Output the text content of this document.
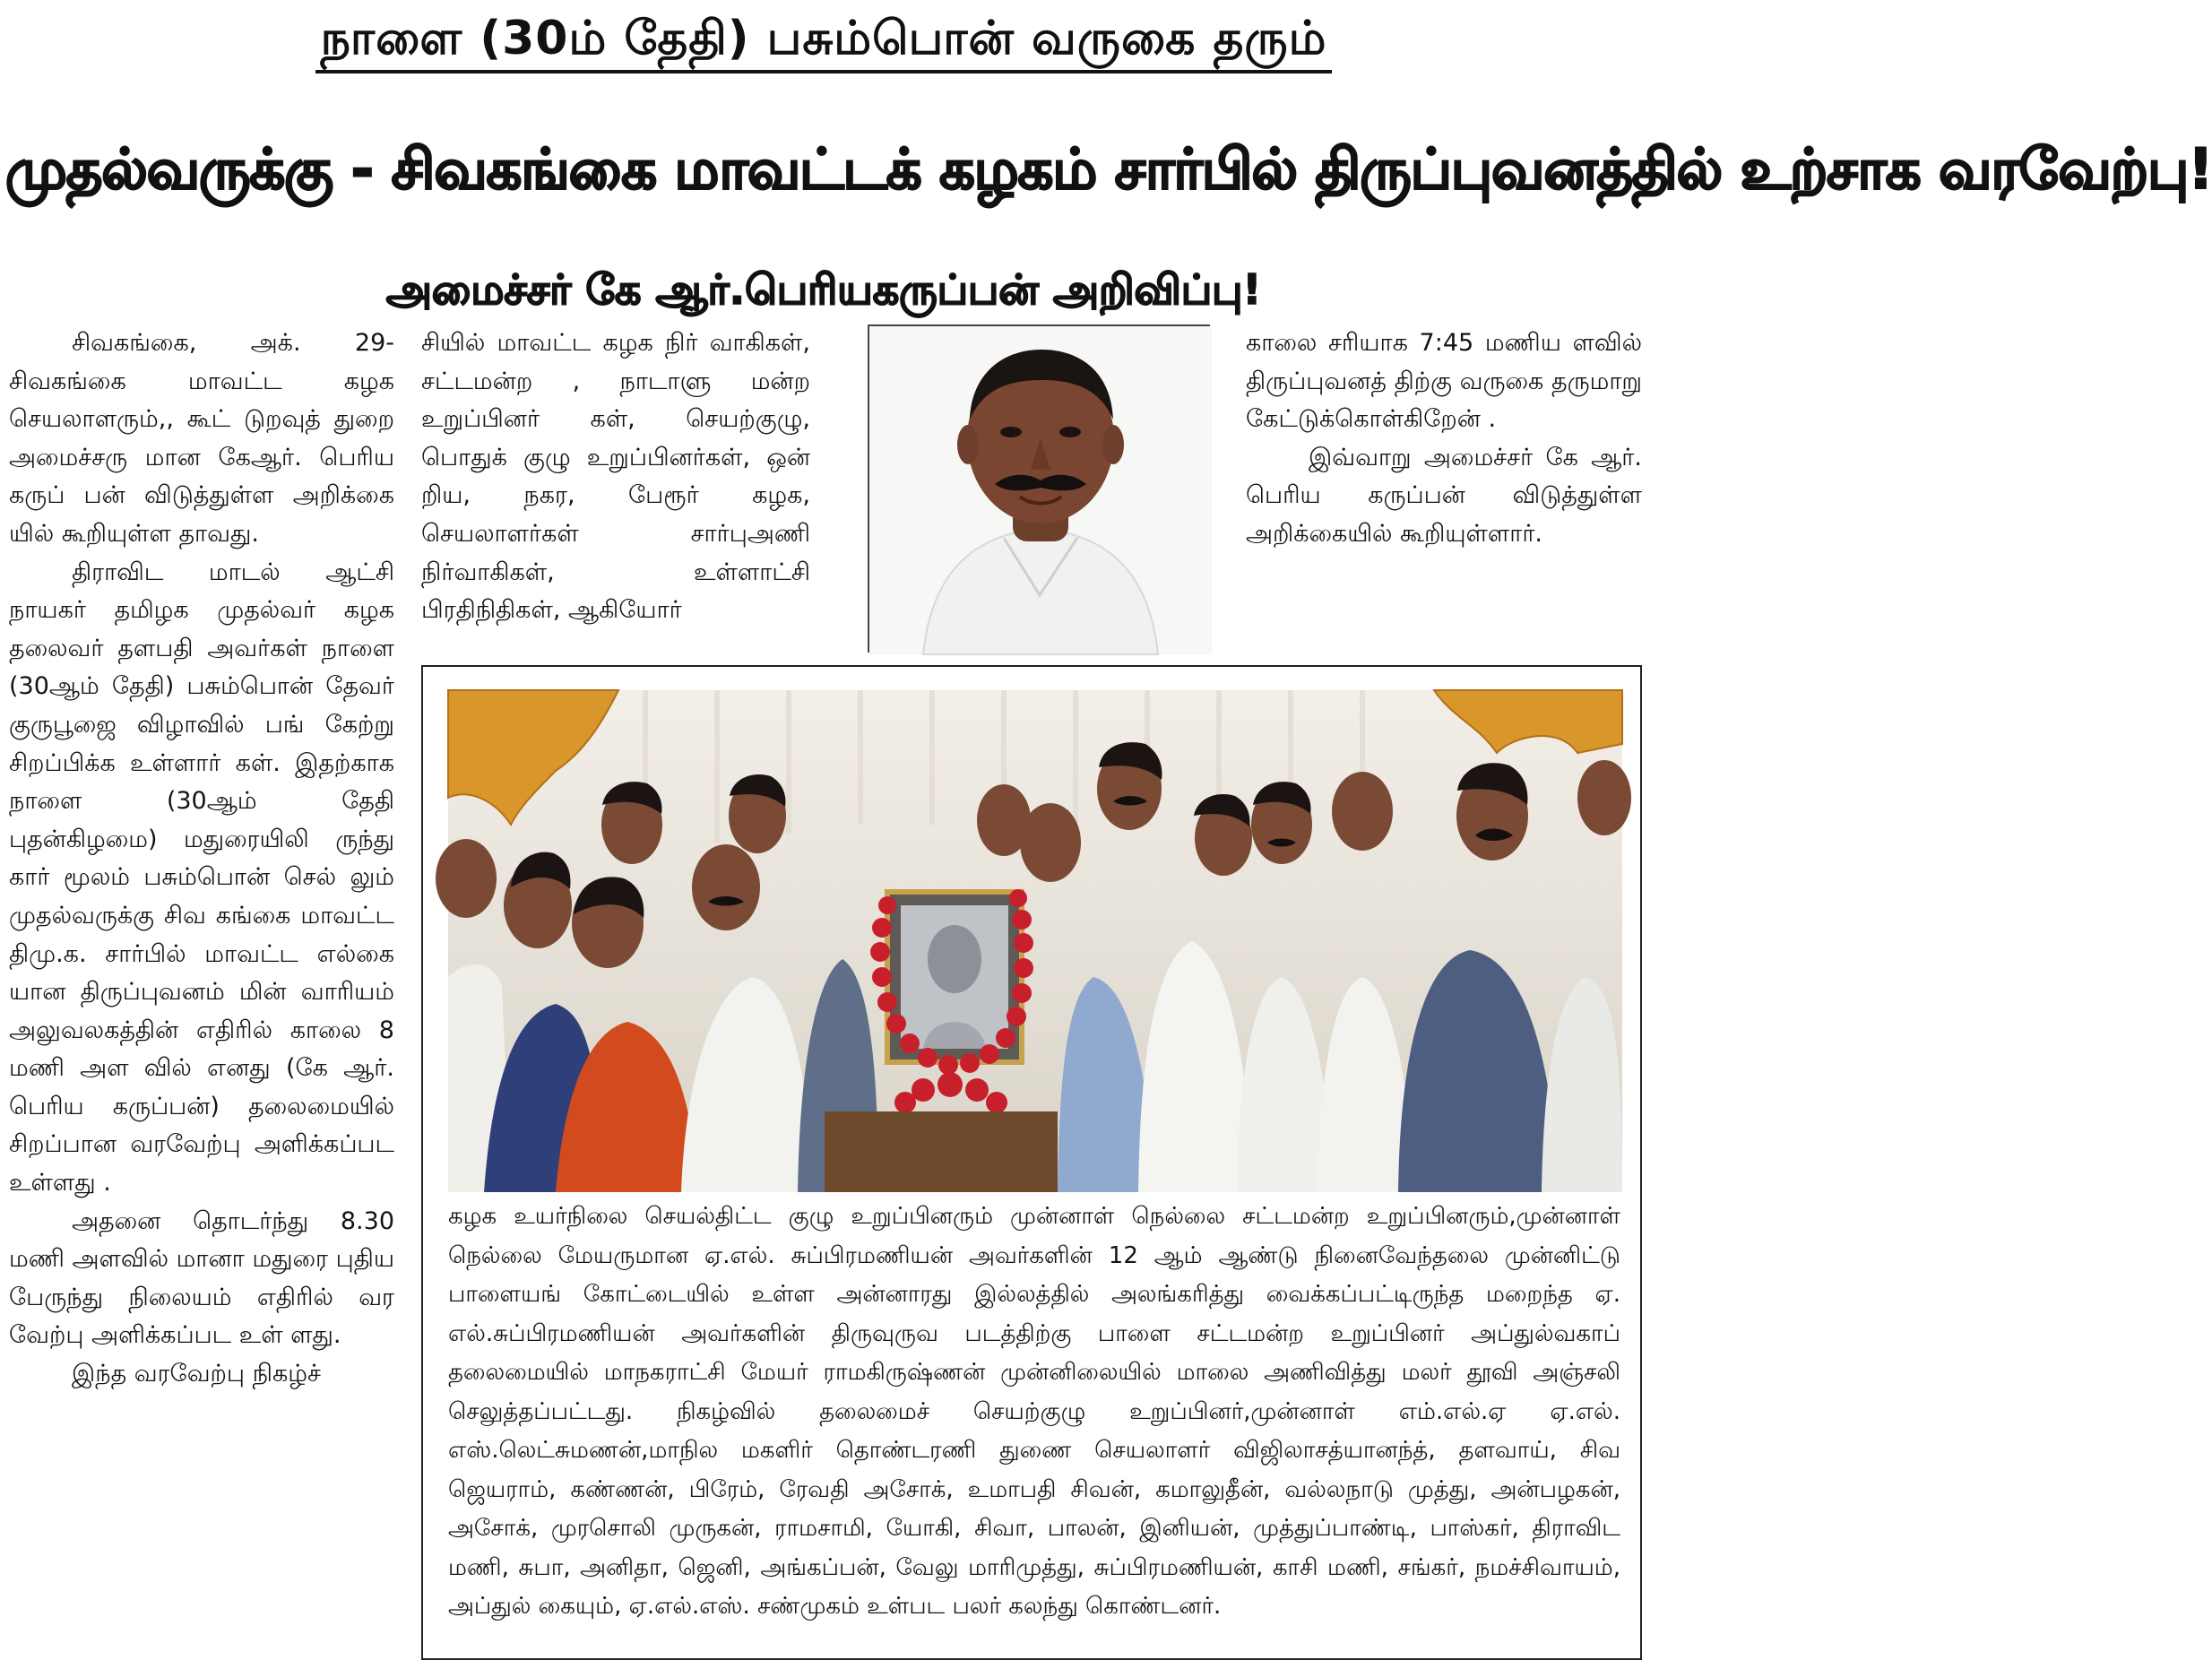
நாளை (30ம் தேதி) பசும்பொன் வருகை தரும்
முதல்வருக்கு - சிவகங்கை மாவட்டக் கழகம் சார்பில் திருப்புவனத்தில் உற்சாக வரவேற்பு!
அமைச்சர் கே ஆர்.பெரியகருப்பன் அறிவிப்பு!

சிவகங்கை, அக். 29- சிவகங்கை மாவட்ட கழக செயலாளரும்,, கூட் டுறவுத் துறை அமைச்சரு மான கேஆர். பெரிய கருப் பன் விடுத்துள்ள அறிக்கை யில் கூறியுள்ள தாவது.

திராவிட மாடல் ஆட்சி நாயகர் தமிழக முதல்வர் கழக தலைவர் தளபதி அவர்கள் நாளை (30ஆம் தேதி) பசும்பொன் தேவர் குருபூஜை விழாவில் பங் கேற்று சிறப்பிக்க உள்ளார் கள். இதற்காக நாளை (30ஆம் தேதி புதன்கிழமை) மதுரையிலி ருந்து கார் மூலம் பசும்பொன் செல் லும் முதல்வருக்கு சிவ கங்கை மாவட்ட திமு.க. சார்பில் மாவட்ட எல்கை யான திருப்புவனம் மின் வாரியம் அலுவலகத்தின் எதிரில் காலை 8 மணி அள வில் எனது (கே ஆர். பெரிய கருப்பன்) தலைமையில் சிறப்பான வரவேற்பு அளிக்கப்பட உள்ளது .

அதனை தொடர்ந்து 8.30 மணி அளவில் மானா மதுரை புதிய பேருந்து நிலையம் எதிரில் வர வேற்பு அளிக்கப்பட உள் ளது.

இந்த வரவேற்பு நிகழ்ச்

சியில் மாவட்ட கழக நிர் வாகிகள், சட்டமன்ற , நாடாளு மன்ற உறுப்பினர் கள், செயற்குழு, பொதுக் குழு உறுப்பினர்கள், ஒன் றிய, நகர, பேரூர் கழக, செயலாளர்கள் சார்புஅணி நிர்வாகிகள், உள்ளாட்சி பிரதிநிதிகள், ஆகியோர்

காலை சரியாக 7:45 மணிய ளவில் திருப்புவனத் திற்கு வருகை தருமாறு கேட்டுக்கொள்கிறேன் .

இவ்வாறு அமைச்சர் கே ஆர். பெரிய கருப்பன் விடுத்துள்ள அறிக்கையில் கூறியுள்ளார்.

கழக உயர்நிலை செயல்திட்ட குழு உறுப்பினரும் முன்னாள் நெல்லை சட்டமன்ற உறுப்பினரும்,முன்னாள் நெல்லை மேயருமான ஏ.எல். சுப்பிரமணியன் அவர்களின் 12 ஆம் ஆண்டு நினைவேந்தலை முன்னிட்டு பாளையங் கோட்டையில் உள்ள அன்னாரது இல்லத்தில் அலங்கரித்து வைக்கப்பட்டிருந்த மறைந்த ஏ. எல்.சுப்பிரமணியன் அவர்களின் திருவுருவ படத்திற்கு பாளை சட்டமன்ற உறுப்பினர் அப்துல்வகாப் தலைமையில் மாநகராட்சி மேயர் ராமகிருஷ்ணன் முன்னிலையில் மாலை அணிவித்து மலர் தூவி அஞ்சலி செலுத்தப்பட்டது. நிகழ்வில் தலைமைச் செயற்குழு உறுப்பினர்,முன்னாள் எம்.எல்.ஏ ஏ.எல். எஸ்.லெட்சுமணன்,மாநில மகளிர் தொண்டரணி துணை செயலாளர் விஜிலாசத்யானந்த், தளவாய், சிவ ஜெயராம், கண்ணன், பிரேம், ரேவதி அசோக், உமாபதி சிவன், கமாலுதீன், வல்லநாடு முத்து, அன்பழகன், அசோக், முரசொலி முருகன், ராமசாமி, யோகி, சிவா, பாலன், இனியன், முத்துப்பாண்டி, பாஸ்கர், திராவிட மணி, சுபா, அனிதா, ஜெனி, அங்கப்பன், வேலு மாரிமுத்து, சுப்பிரமணியன், காசி மணி, சங்கர், நமச்சிவாயம், அப்துல் கையும், ஏ.எல்.எஸ். சண்முகம் உள்பட பலர் கலந்து கொண்டனர்.
